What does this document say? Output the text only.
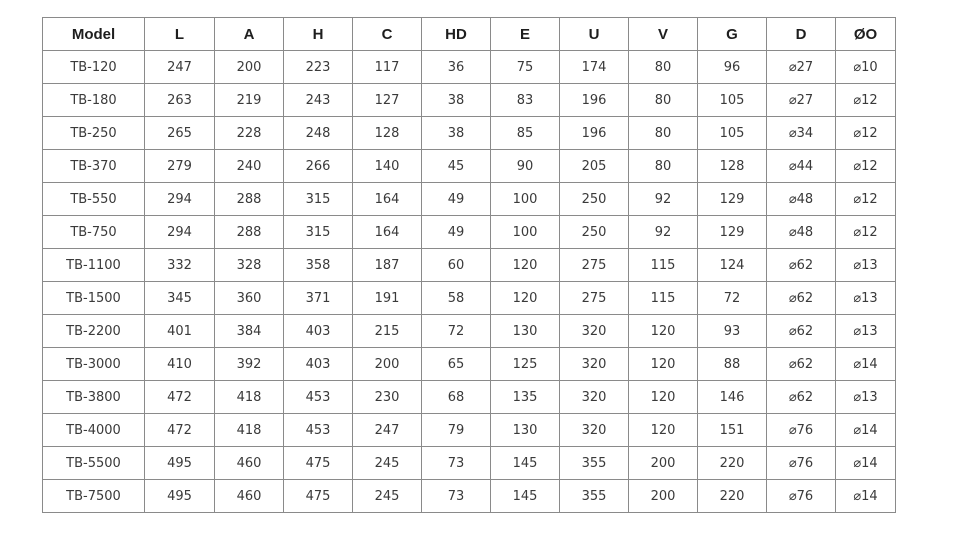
Model	L	A	H	C	HD	E	U	V	G	D	ØO
TB-120	247	200	223	117	36	75	174	80	96	⌀27	⌀10
TB-180	263	219	243	127	38	83	196	80	105	⌀27	⌀12
TB-250	265	228	248	128	38	85	196	80	105	⌀34	⌀12
TB-370	279	240	266	140	45	90	205	80	128	⌀44	⌀12
TB-550	294	288	315	164	49	100	250	92	129	⌀48	⌀12
TB-750	294	288	315	164	49	100	250	92	129	⌀48	⌀12
TB-1100	332	328	358	187	60	120	275	115	124	⌀62	⌀13
TB-1500	345	360	371	191	58	120	275	115	72	⌀62	⌀13
TB-2200	401	384	403	215	72	130	320	120	93	⌀62	⌀13
TB-3000	410	392	403	200	65	125	320	120	88	⌀62	⌀14
TB-3800	472	418	453	230	68	135	320	120	146	⌀62	⌀13
TB-4000	472	418	453	247	79	130	320	120	151	⌀76	⌀14
TB-5500	495	460	475	245	73	145	355	200	220	⌀76	⌀14
TB-7500	495	460	475	245	73	145	355	200	220	⌀76	⌀14
